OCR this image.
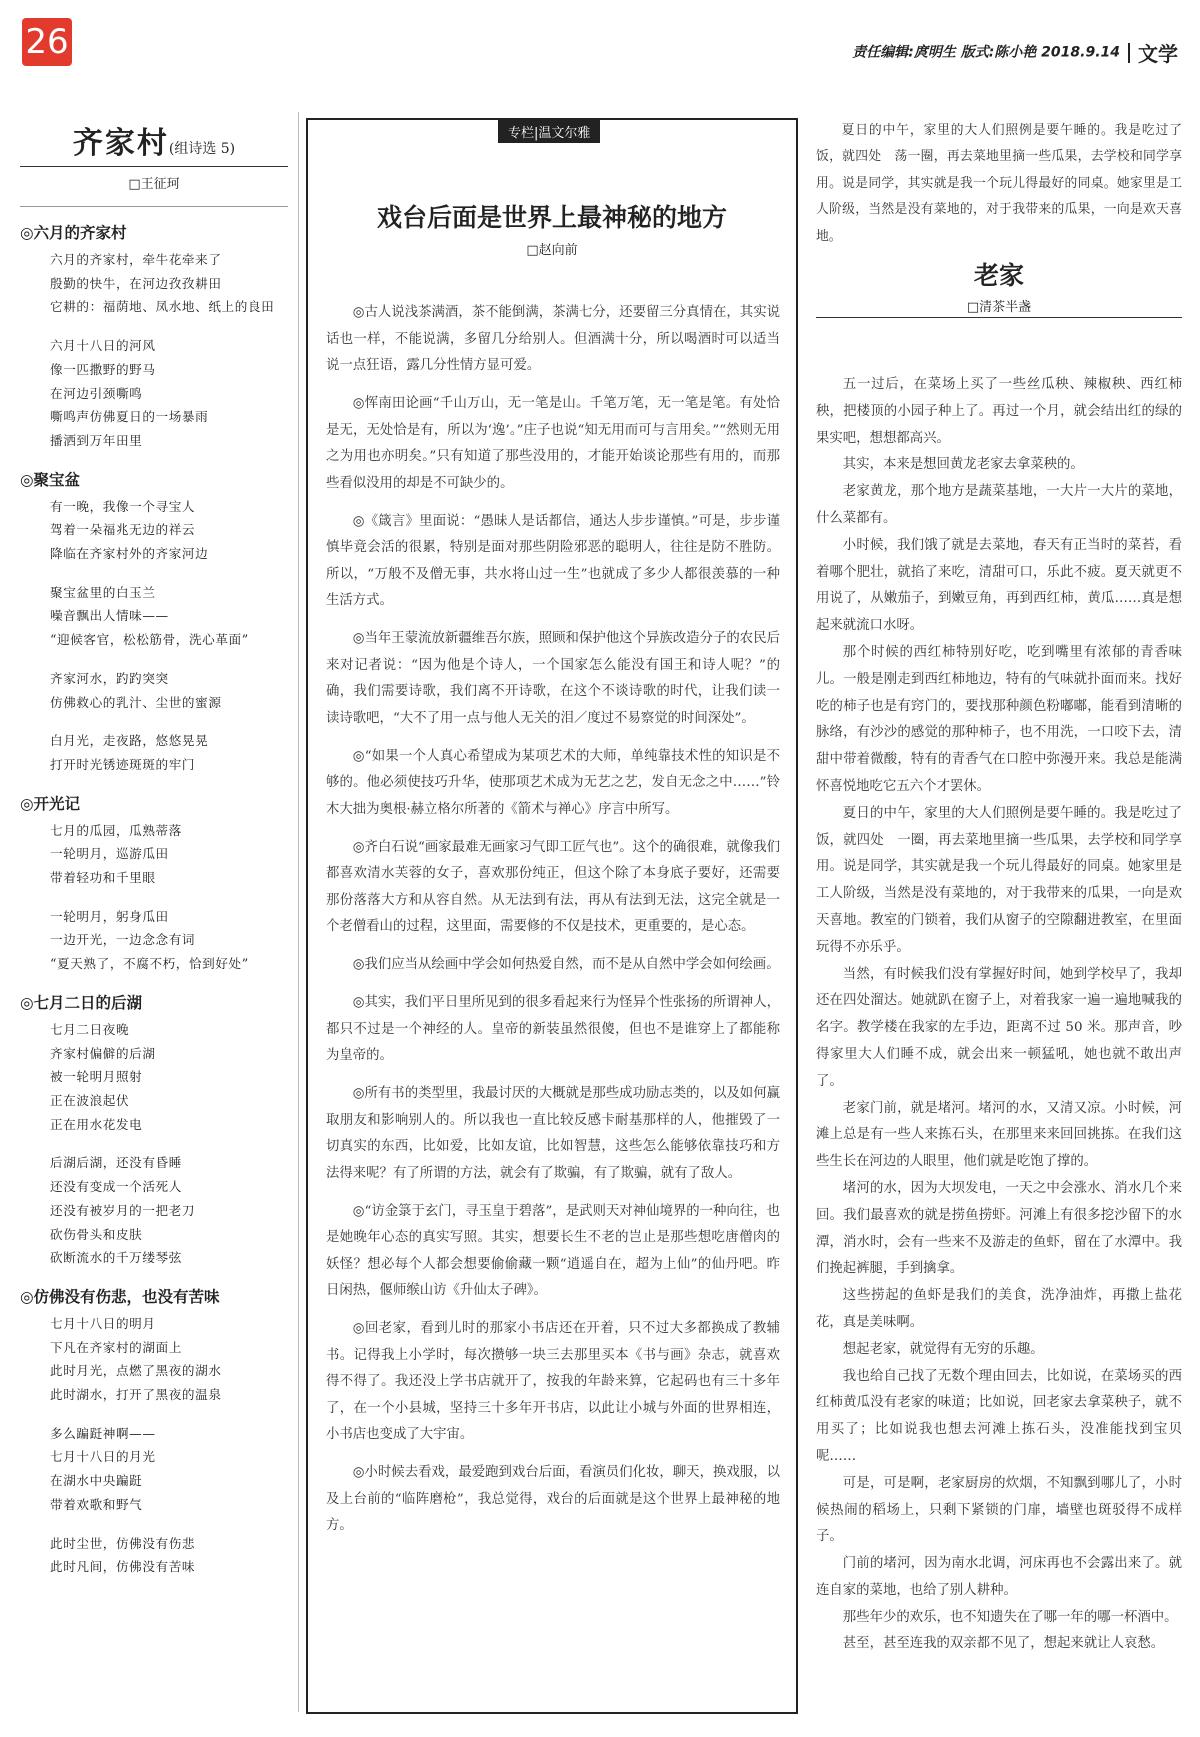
26	责任编辑:庹明生 版式:陈小艳 2018.9.14 文学
齐家村(组诗选 5)
□王征珂
◎六月的齐家村
六月的齐家村，牵牛花牵来了
殷勤的快牛，在河边孜孜耕田
它耕的：福荫地、凤水地、纸上的良田
六月十八日的河风
像一匹撒野的野马
在河边引颈嘶鸣
嘶鸣声仿佛夏日的一场暴雨
播洒到万年田里
◎聚宝盆
有一晚，我像一个寻宝人
驾着一朵福兆无边的祥云
降临在齐家村外的齐家河边
聚宝盆里的白玉兰
噪音飘出人情味——
“迎候客官，松松筋骨，洗心革面”
齐家河水，趵趵突突
仿佛救心的乳汁、尘世的蜜源
白月光，走夜路，悠悠晃晃
打开时光锈迹斑斑的牢门
◎开光记
七月的瓜园，瓜熟蒂落
一轮明月，巡游瓜田
带着轻功和千里眼
一轮明月，躬身瓜田
一边开光，一边念念有词
“夏天熟了，不腐不朽，恰到好处”
◎七月二日的后湖
七月二日夜晚
齐家村偏僻的后湖
被一轮明月照射
正在波浪起伏
正在用水花发电
后湖后湖，还没有昏睡
还没有变成一个活死人
还没有被岁月的一把老刀
砍伤骨头和皮肤
砍断流水的千万缕琴弦
◎仿佛没有伤悲，也没有苦味
七月十八日的明月
下凡在齐家村的湖面上
此时月光，点燃了黑夜的湖水
此时湖水，打开了黑夜的温泉
多么蹁跹神啊——
七月十八日的月光
在湖水中央蹁跹
带着欢歌和野气
此时尘世，仿佛没有伤悲
此时凡间，仿佛没有苦味
专栏|温文尔雅
戏台后面是世界上最神秘的地方
□赵向前

◎古人说浅茶满酒，茶不能倒满，茶满七分，还要留三分真情在，其实说话也一样，不能说满，多留几分给别人。但酒满十分，所以喝酒时可以适当说一点狂语，露几分性情方显可爱。

◎恽南田论画“千山万山，无一笔是山。千笔万笔，无一笔是笔。有处恰是无，无处恰是有，所以为‘逸’。”庄子也说“知无用而可与言用矣。”“然则无用之为用也亦明矣。”只有知道了那些没用的，才能开始谈论那些有用的，而那些看似没用的却是不可缺少的。

◎《箴言》里面说：“愚昧人是话都信，通达人步步谨慎。”可是，步步谨慎毕竟会活的很累，特别是面对那些阴险邪恶的聪明人，往往是防不胜防。所以，“万般不及僧无事，共水将山过一生”也就成了多少人都很羡慕的一种生活方式。

◎当年王蒙流放新疆维吾尔族，照顾和保护他这个异族改造分子的农民后来对记者说：“因为他是个诗人，一个国家怎么能没有国王和诗人呢？”的确，我们需要诗歌，我们离不开诗歌，在这个不谈诗歌的时代，让我们读一读诗歌吧，“大不了用一点与他人无关的泪／度过不易察觉的时间深处”。

◎“如果一个人真心希望成为某项艺术的大师，单纯靠技术性的知识是不够的。他必须使技巧升华，使那项艺术成为无艺之艺，发自无念之中……”铃木大拙为奥根·赫立格尔所著的《箭术与禅心》序言中所写。

◎齐白石说“画家最难无画家习气即工匠气也”。这个的确很难，就像我们都喜欢清水芙蓉的女子，喜欢那份纯正，但这个除了本身底子要好，还需要那份落落大方和从容自然。从无法到有法，再从有法到无法，这完全就是一个老僧看山的过程，这里面，需要修的不仅是技术，更重要的，是心态。

◎我们应当从绘画中学会如何热爱自然，而不是从自然中学会如何绘画。

◎其实，我们平日里所见到的很多看起来行为怪异个性张扬的所谓神人，都只不过是一个神经的人。皇帝的新装虽然很傻，但也不是谁穿上了都能称为皇帝的。

◎所有书的类型里，我最讨厌的大概就是那些成功励志类的，以及如何赢取朋友和影响别人的。所以我也一直比较反感卡耐基那样的人，他摧毁了一切真实的东西，比如爱，比如友谊，比如智慧，这些怎么能够依靠技巧和方法得来呢？有了所谓的方法，就会有了欺骗，有了欺骗，就有了敌人。

◎“访金箓于玄门，寻玉皇于碧落”，是武则天对神仙境界的一种向往，也是她晚年心态的真实写照。其实，想要长生不老的岂止是那些想吃唐僧肉的妖怪？想必每个人都会想要偷偷藏一颗“逍遥自在，超为上仙”的仙丹吧。昨日闲热，偃师缑山访《升仙太子碑》。

◎回老家，看到儿时的那家小书店还在开着，只不过大多都换成了教辅书。记得我上小学时，每次攒够一块三去那里买本《书与画》杂志，就喜欢得不得了。我还没上学书店就开了，按我的年龄来算，它起码也有三十多年了，在一个小县城，坚持三十多年开书店，以此让小城与外面的世界相连，小书店也变成了大宇宙。

◎小时候去看戏，最爱跑到戏台后面，看演员们化妆，聊天，换戏服，以及上台前的“临阵磨枪”，我总觉得，戏台的后面就是这个世界上最神秘的地方。

夏日的中午，家里的大人们照例是要午睡的。我是吃过了饭，就四处　荡一圈，再去菜地里摘一些瓜果，去学校和同学享用。说是同学，其实就是我一个玩儿得最好的同桌。她家里是工人阶级，当然是没有菜地的，对于我带来的瓜果，一向是欢天喜地。

老家
□清茶半盏

五一过后，在菜场上买了一些丝瓜秧、辣椒秧、西红柿秧，把楼顶的小园子种上了。再过一个月，就会结出红的绿的果实吧，想想都高兴。

其实，本来是想回黄龙老家去拿菜秧的。

老家黄龙，那个地方是蔬菜基地，一大片一大片的菜地，什么菜都有。

小时候，我们饿了就是去菜地，春天有正当时的菜苔，看着哪个肥壮，就掐了来吃，清甜可口，乐此不疲。夏天就更不用说了，从嫩茄子，到嫩豆角，再到西红柿，黄瓜……真是想起来就流口水呀。

那个时候的西红柿特别好吃，吃到嘴里有浓郁的青香味儿。一般是刚走到西红柿地边，特有的气味就扑面而来。找好吃的柿子也是有窍门的，要找那种颜色粉嘟嘟，能看到清晰的脉络，有沙沙的感觉的那种柿子，也不用洗，一口咬下去，清甜中带着微酸，特有的青香气在口腔中弥漫开来。我总是能满怀喜悦地吃它五六个才罢休。

夏日的中午，家里的大人们照例是要午睡的。我是吃过了饭，就四处　一圈，再去菜地里摘一些瓜果，去学校和同学享用。说是同学，其实就是我一个玩儿得最好的同桌。她家里是工人阶级，当然是没有菜地的，对于我带来的瓜果，一向是欢天喜地。教室的门锁着，我们从窗子的空隙翻进教室，在里面玩得不亦乐乎。

当然，有时候我们没有掌握好时间，她到学校早了，我却还在四处溜达。她就趴在窗子上，对着我家一遍一遍地喊我的名字。教学楼在我家的左手边，距离不过 50 米。那声音，吵得家里大人们睡不成，就会出来一顿猛吼，她也就不敢出声了。

老家门前，就是堵河。堵河的水，又清又凉。小时候，河滩上总是有一些人来拣石头，在那里来来回回挑拣。在我们这些生长在河边的人眼里，他们就是吃饱了撑的。

堵河的水，因为大坝发电，一天之中会涨水、消水几个来回。我们最喜欢的就是捞鱼捞虾。河滩上有很多挖沙留下的水潭，消水时，会有一些来不及游走的鱼虾，留在了水潭中。我们挽起裤腿，手到擒拿。

这些捞起的鱼虾是我们的美食，洗净油炸，再撒上盐花花，真是美味啊。

想起老家，就觉得有无穷的乐趣。

我也给自己找了无数个理由回去，比如说，在菜场买的西红柿黄瓜没有老家的味道；比如说，回老家去拿菜秧子，就不用买了；比如说我也想去河滩上拣石头，没准能找到宝贝呢……

可是，可是啊，老家厨房的炊烟，不知飘到哪儿了，小时候热闹的稻场上，只剩下紧锁的门扉，墙壁也斑驳得不成样子。

门前的堵河，因为南水北调，河床再也不会露出来了。就连自家的菜地，也给了别人耕种。

那些年少的欢乐，也不知遗失在了哪一年的哪一杯酒中。

甚至，甚至连我的双亲都不见了，想起来就让人哀愁。
